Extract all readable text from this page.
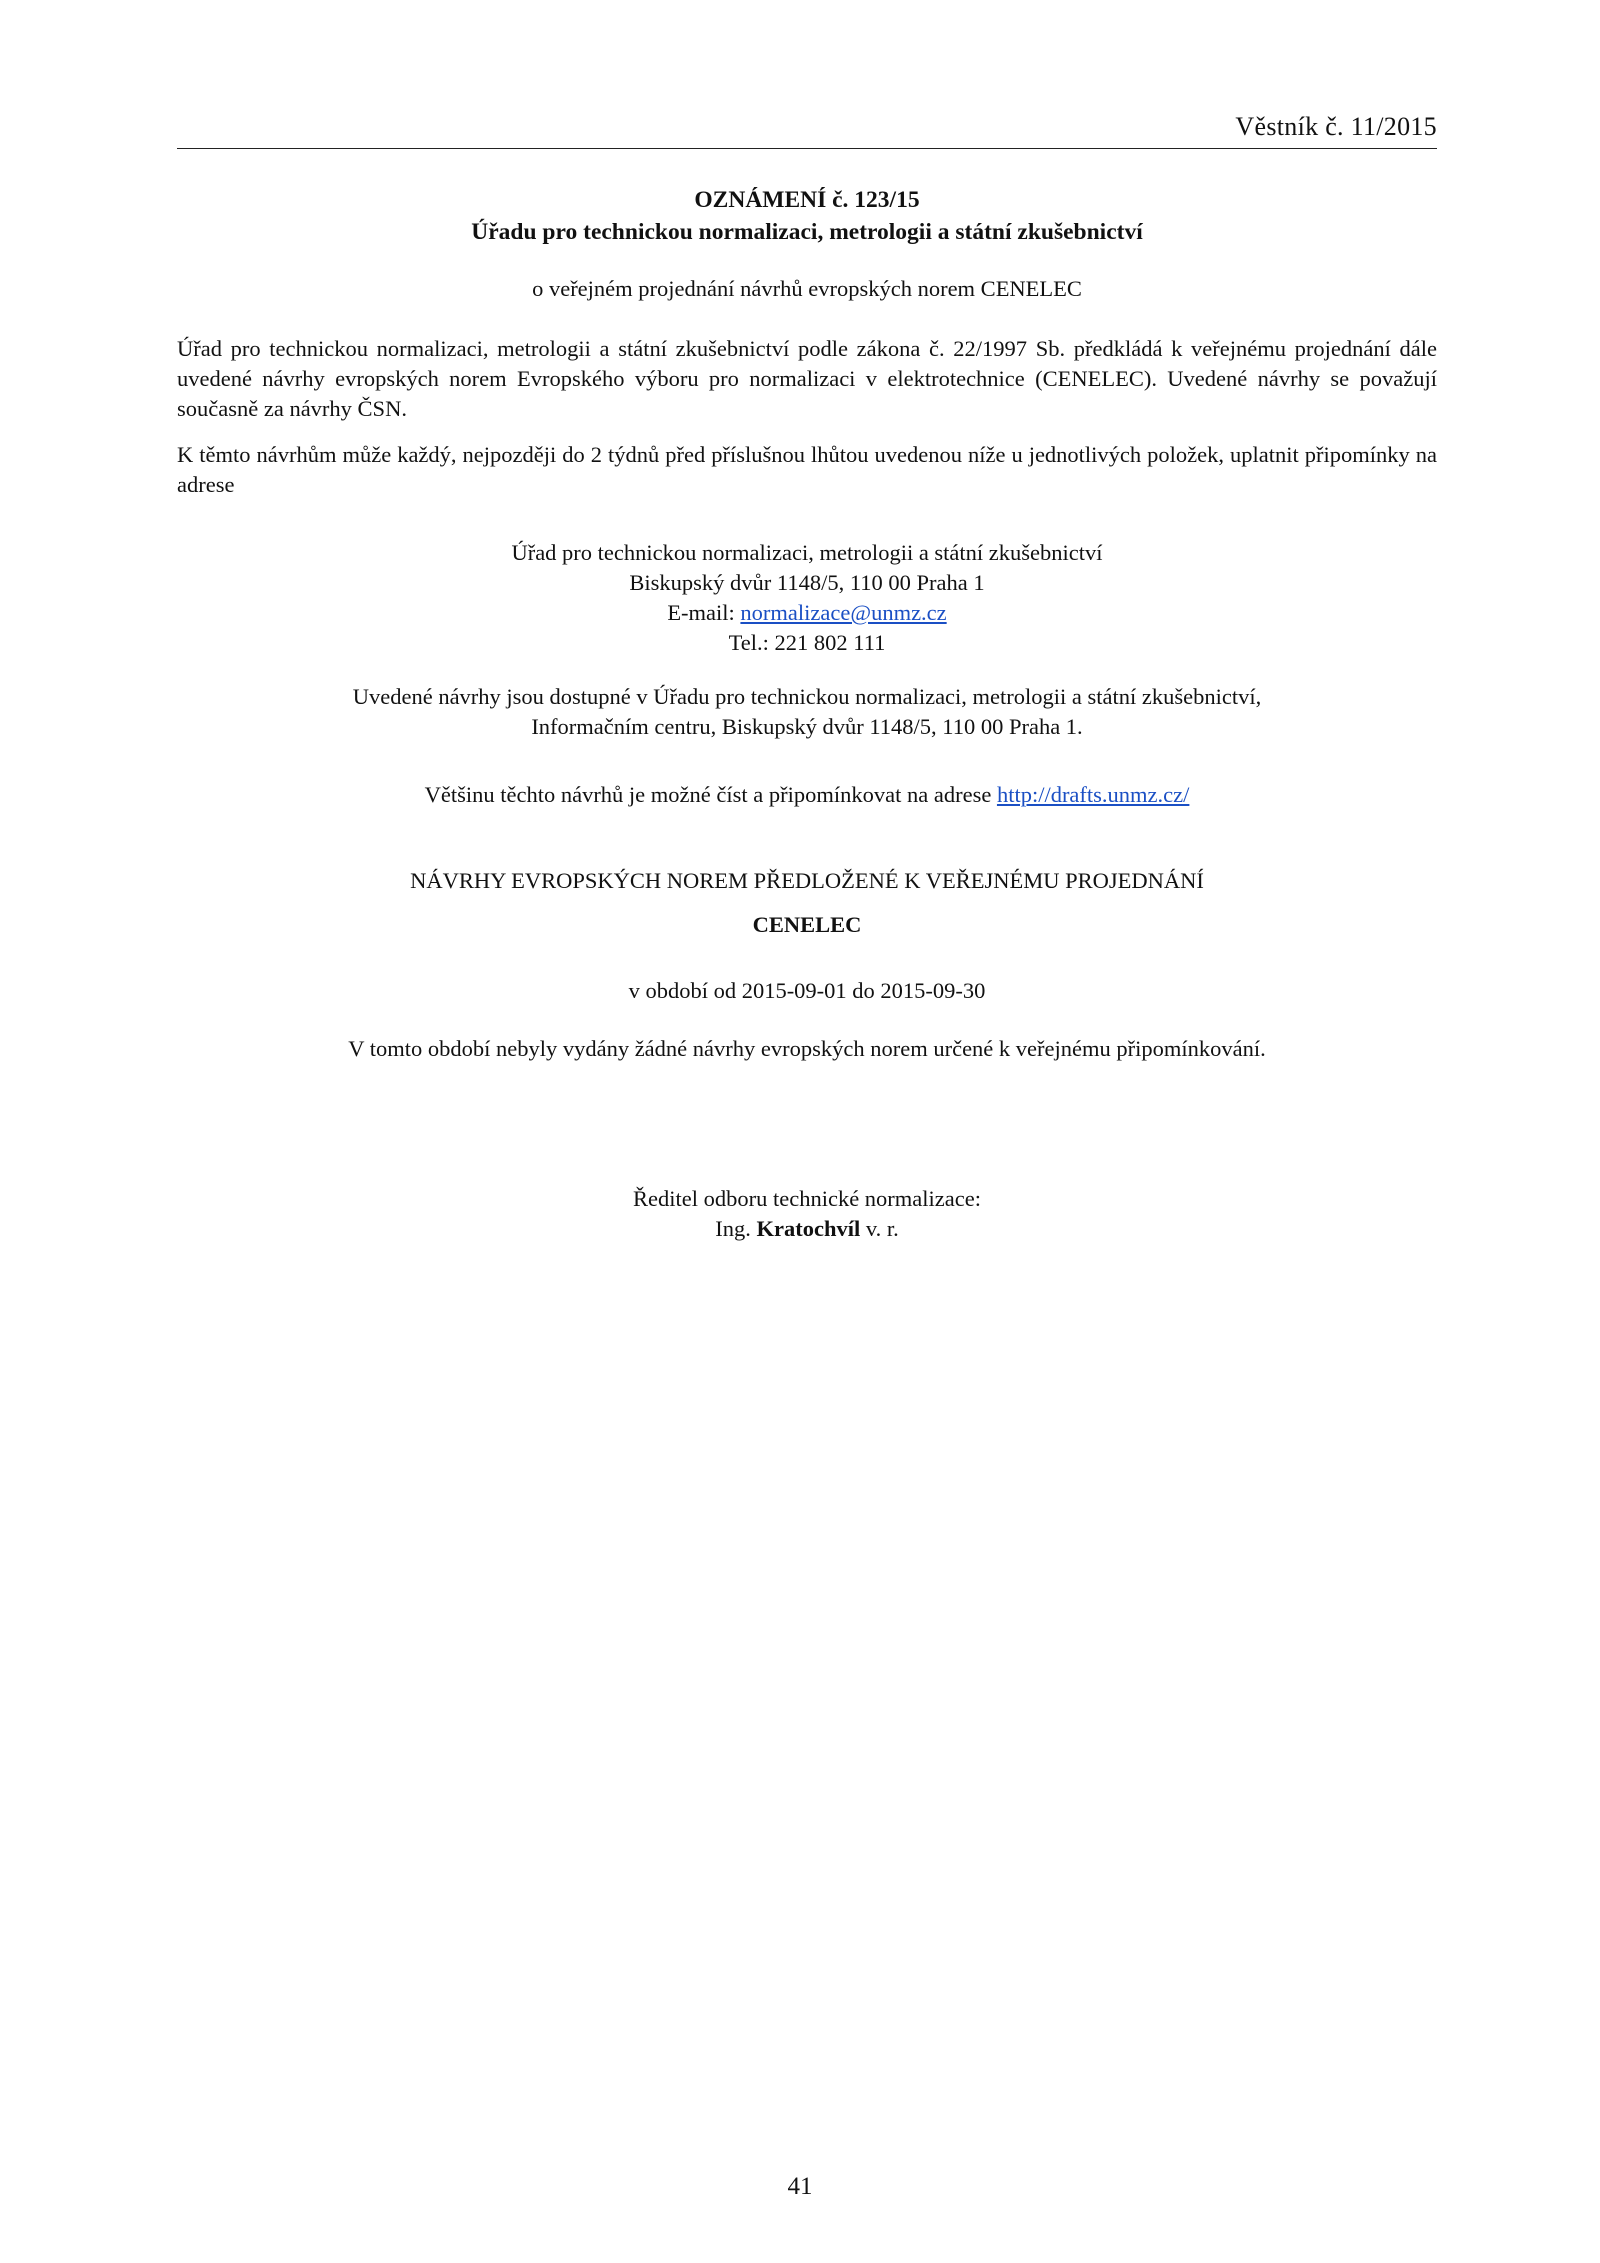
Věstník č. 11/2015
OZNÁMENÍ č. 123/15
Úřadu pro technickou normalizaci, metrologii a státní zkušebnictví
o veřejném projednání návrhů evropských norem CENELEC
Úřad pro technickou normalizaci, metrologii a státní zkušebnictví podle zákona č. 22/1997 Sb. předkládá k veřejnému projednání dále uvedené návrhy evropských norem Evropského výboru pro normalizaci v elektrotechnice (CENELEC). Uvedené návrhy se považují současně za návrhy ČSN.
K těmto návrhům může každý, nejpozději do 2 týdnů před příslušnou lhůtou uvedenou níže u jednotlivých položek, uplatnit připomínky na adrese
Úřad pro technickou normalizaci, metrologii a státní zkušebnictví
Biskupský dvůr 1148/5, 110 00 Praha 1
E-mail: normalizace@unmz.cz
Tel.: 221 802 111
Uvedené návrhy jsou dostupné v Úřadu pro technickou normalizaci, metrologii a státní zkušebnictví,
Informačním centru, Biskupský dvůr 1148/5, 110 00 Praha 1.
Většinu těchto návrhů je možné číst a připomínkovat na adrese http://drafts.unmz.cz/
NÁVRHY EVROPSKÝCH NOREM PŘEDLOŽENÉ K VEŘEJNÉMU PROJEDNÁNÍ
CENELEC
v období od 2015-09-01 do 2015-09-30
V tomto období nebyly vydány žádné návrhy evropských norem určené k veřejnému připomínkování.
Ředitel odboru technické normalizace:
Ing. Kratochvíl v. r.
41
